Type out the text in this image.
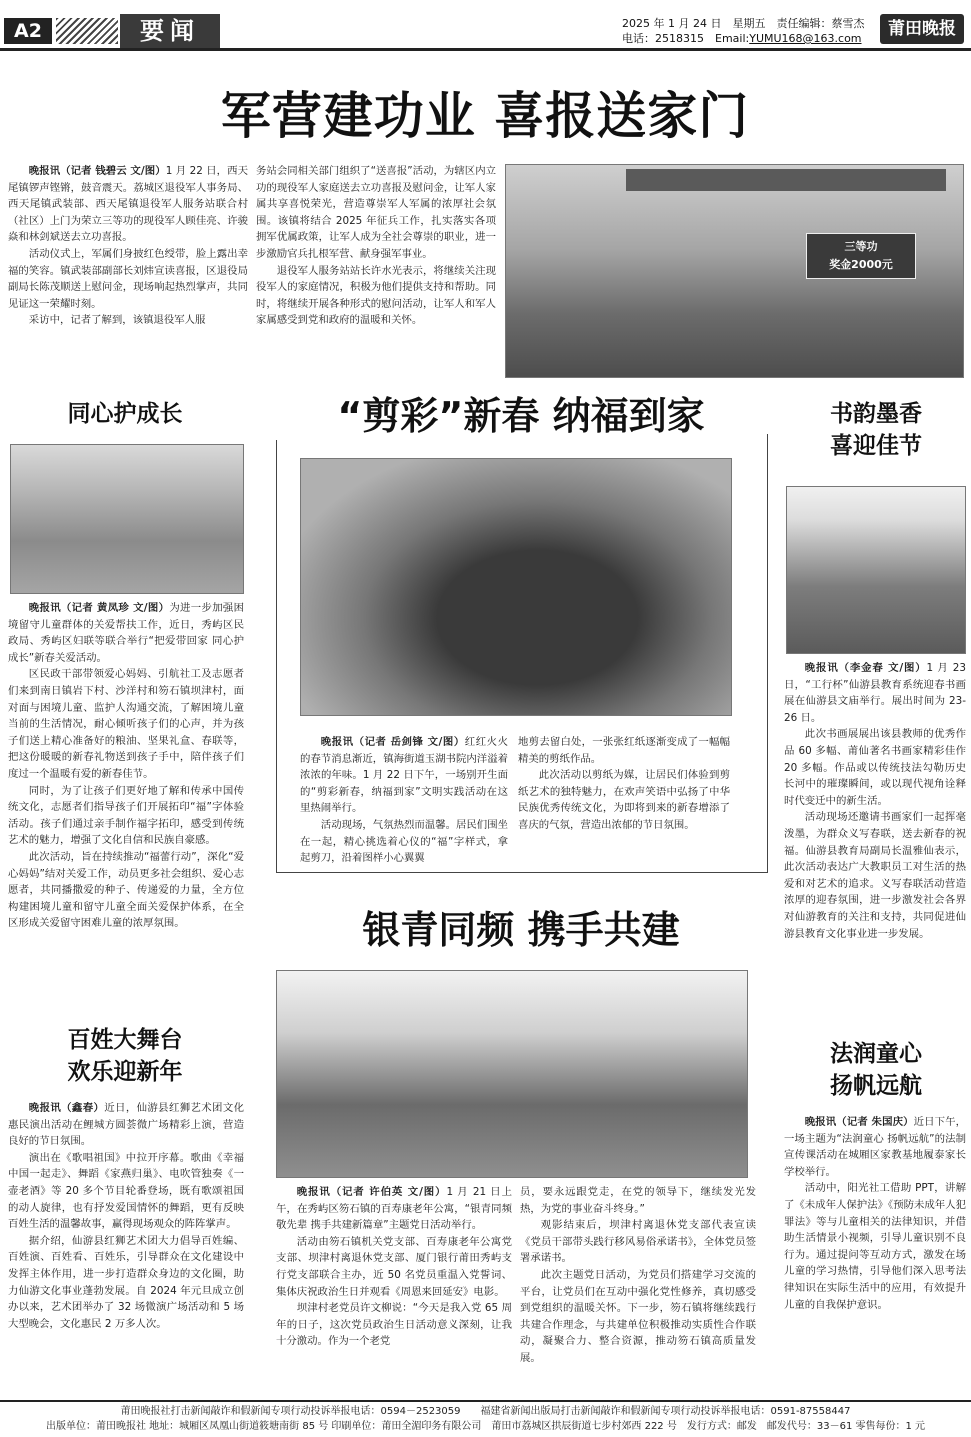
A2	要闻	2025 年 1 月 24 日　星期五　责任编辑：蔡雪杰
电话：2518315　Email:YUMU168@163.com	莆田晚报
军营建功业 喜报送家门

晚报讯（记者 钱碧云 文/图）1 月 22 日，西天尾镇锣声铿锵，鼓音震天。荔城区退役军人事务局、西天尾镇武装部、西天尾镇退役军人服务站联合村（社区）上门为荣立三等功的现役军人顾佳亮、许骏焱和林剑斌送去立功喜报。

活动仪式上，军属们身披红色绶带，脸上露出幸福的笑容。镇武装部副部长刘炜宣读喜报，区退役局副局长陈茂顺送上慰问金，现场响起热烈掌声，共同见证这一荣耀时刻。

采访中，记者了解到，该镇退役军人服

务站会同相关部门组织了“送喜报”活动，为辖区内立功的现役军人家庭送去立功喜报及慰问金，让军人家属共享喜悦荣光，营造尊崇军人军属的浓厚社会氛围。该镇将结合 2025 年征兵工作，扎实落实各项拥军优属政策，让军人成为全社会尊崇的职业，进一步激励官兵扎根军营、献身强军事业。

退役军人服务站站长许水光表示，将继续关注现役军人的家庭情况，积极为他们提供支持和帮助。同时，将继续开展各种形式的慰问活动，让军人和军人家属感受到党和政府的温暖和关怀。

三等功
奖金2000元
同心护成长

晚报讯（记者 黄凤珍 文/图）为进一步加强困境留守儿童群体的关爱帮扶工作，近日，秀屿区民政局、秀屿区妇联等联合举行“把爱带回家 同心护成长”新春关爱活动。

区民政干部带领爱心妈妈、引航社工及志愿者们来到南日镇岩下村、沙洋村和笏石镇坝津村，面对面与困境儿童、监护人沟通交流，了解困境儿童当前的生活情况，耐心倾听孩子们的心声，并为孩子们送上精心准备好的粮油、坚果礼盒、春联等，把这份暖暖的新春礼物送到孩子手中，陪伴孩子们度过一个温暖有爱的新春佳节。

同时，为了让孩子们更好地了解和传承中国传统文化，志愿者们指导孩子们开展拓印“福”字体验活动。孩子们通过亲手制作福字拓印，感受到传统艺术的魅力，增强了文化自信和民族自豪感。

此次活动，旨在持续推动“福蕾行动”，深化“爱心妈妈”结对关爱工作，动员更多社会组织、爱心志愿者，共同播撒爱的种子、传递爱的力量，全方位构建困境儿童和留守儿童全面关爱保护体系，在全区形成关爱留守困难儿童的浓厚氛围。

百姓大舞台
欢乐迎新年

晚报讯（鑫春）近日，仙游县红狮艺术团文化惠民演出活动在鲤城方圆荟微广场精彩上演，营造良好的节日氛围。

演出在《歌唱祖国》中拉开序幕。歌曲《幸福中国一起走》、舞蹈《家燕归巢》、电吹管独奏《一壶老酒》等 20 多个节目轮番登场，既有歌颂祖国的动人旋律，也有抒发爱国情怀的舞蹈，更有反映百姓生活的温馨故事，赢得现场观众的阵阵掌声。

据介绍，仙游县红狮艺术团大力倡导百姓编、百姓演、百姓看、百姓乐，引导群众在文化建设中发挥主体作用，进一步打造群众身边的文化圈，助力仙游文化事业蓬勃发展。自 2024 年元旦成立创办以来，艺术团举办了 32 场微演广场活动和 5 场大型晚会，文化惠民 2 万多人次。

“剪彩”新春 纳福到家

晚报讯（记者 岳剑锋 文/图）红红火火的春节消息渐近，镇海街道玉湖书院内洋溢着浓浓的年味。1 月 22 日下午，一场别开生面的“剪彩新春，纳福到家”文明实践活动在这里热闹举行。

活动现场，气氛热烈而温馨。居民们围坐在一起，精心挑选着心仪的“福”字样式，拿起剪刀，沿着图样小心翼翼

地剪去留白处，一张张红纸逐渐变成了一幅幅精美的剪纸作品。

此次活动以剪纸为媒，让居民们体验到剪纸艺术的独特魅力，在欢声笑语中弘扬了中华民族优秀传统文化，为即将到来的新春增添了喜庆的气氛，营造出浓郁的节日氛围。

银青同频 携手共建

晚报讯（记者 许伯英 文/图）1 月 21 日上午，在秀屿区笏石镇的百寿康老年公寓，“银青同频敬先辈 携手共建新篇章”主题党日活动举行。

活动由笏石镇机关党支部、百寿康老年公寓党支部、坝津村离退休党支部、厦门银行莆田秀屿支行党支部联合主办，近 50 名党员重温入党誓词、集体庆祝政治生日并观看《周恩来回延安》电影。

坝津村老党员许文柳说：“今天是我入党 65 周年的日子，这次党员政治生日活动意义深刻，让我十分激动。作为一个老党

员，要永远跟党走，在党的领导下，继续发光发热，为党的事业奋斗终身。”

观影结束后，坝津村离退休党支部代表宣读《党员干部带头践行移风易俗承诺书》，全体党员签署承诺书。

此次主题党日活动，为党员们搭建学习交流的平台，让党员们在互动中强化党性修养，真切感受到党组织的温暖关怀。下一步，笏石镇将继续践行共建合作理念，与共建单位积极推动实质性合作联动，凝聚合力、整合资源，推动笏石镇高质量发展。

书韵墨香
喜迎佳节

晚报讯（李金春 文/图）1 月 23 日，“工行杯”仙游县教育系统迎春书画展在仙游县文庙举行。展出时间为 23-26 日。

此次书画展展出该县教师的优秀作品 60 多幅、莆仙著名书画家精彩佳作 20 多幅。作品或以传统技法勾勒历史长河中的璀璨瞬间，或以现代视角诠释时代变迁中的新生活。

活动现场还邀请书画家们一起挥毫泼墨，为群众义写春联，送去新春的祝福。仙游县教育局副局长温雅仙表示，此次活动表达广大教职员工对生活的热爱和对艺术的追求。义写春联活动营造浓厚的迎春氛围，进一步激发社会各界对仙游教育的关注和支持，共同促进仙游县教育文化事业进一步发展。

法润童心
扬帆远航

晚报讯（记者 朱国庆）近日下午，一场主题为“法润童心 扬帆远航”的法制宣传课活动在城厢区家教基地履泰家长学校举行。

活动中，阳光社工借助 PPT，讲解了《未成年人保护法》《预防未成年人犯罪法》等与儿童相关的法律知识，并借助生活情景小视频，引导儿童识别不良行为。通过提问等互动方式，激发在场儿童的学习热情，引导他们深入思考法律知识在实际生活中的应用，有效提升儿童的自我保护意识。

莆田晚报社打击新闻敲诈和假新闻专项行动投诉举报电话：0594－2523059　　福建省新闻出版局打击新闻敲诈和假新闻专项行动投诉举报电话：0591-87558447
出版单位：莆田晚报社 地址：城厢区凤凰山街道筱塘南街 85 号 印刷单位：莆田全湄印务有限公司　莆田市荔城区拱辰街道七步村郊西 222 号　发行方式：邮发　邮发代号：33－61 零售每份：1 元
